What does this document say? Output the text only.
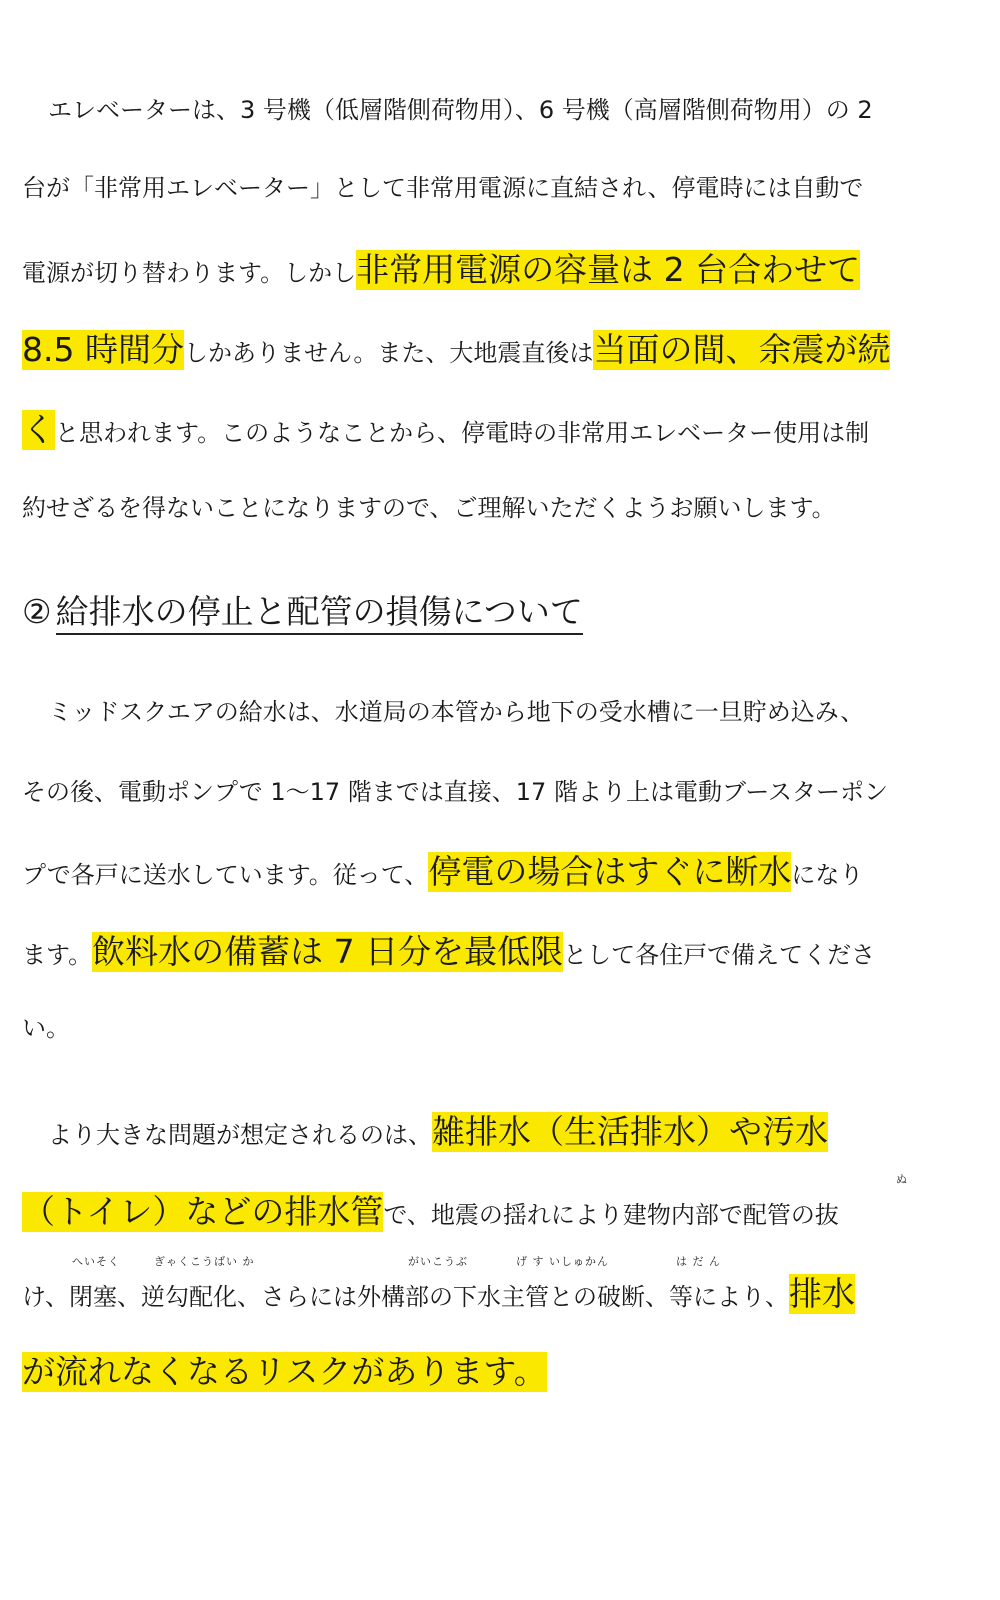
エレベーターは、3 号機（低層階側荷物用）、6 号機（高層階側荷物用）の 2
台が「非常用エレベーター」として非常用電源に直結され、停電時には自動で
電源が切り替わります。しかし非常用電源の容量は 2 台合わせて
8.5 時間分しかありません。また、大地震直後は当面の間、余震が続
くと思われます。このようなことから、停電時の非常用エレベーター使用は制
約せざるを得ないことになりますので、ご理解いただくようお願いします。
② 給排水の停止と配管の損傷について
ミッドスクエアの給水は、水道局の本管から地下の受水槽に一旦貯め込み、
その後、電動ポンプで 1～17 階までは直接、17 階より上は電動ブースターポン
プで各戸に送水しています。従って、停電の場合はすぐに断水になり
ます。飲料水の備蓄は 7 日分を最低限として各住戸で備えてくださ
い。
より大きな問題が想定されるのは、雑排水（生活排水）や汚水
ぬ
（トイレ）などの排水管で、地震の揺れにより建物内部で配管の抜
へいそく	ぎゃくこうばい か	がいこうぶ	げ す いしゅかん	は だ ん
け、閉塞、逆勾配化、さらには外構部の下水主管との破断、等により、排水
が流れなくなるリスクがあります。
